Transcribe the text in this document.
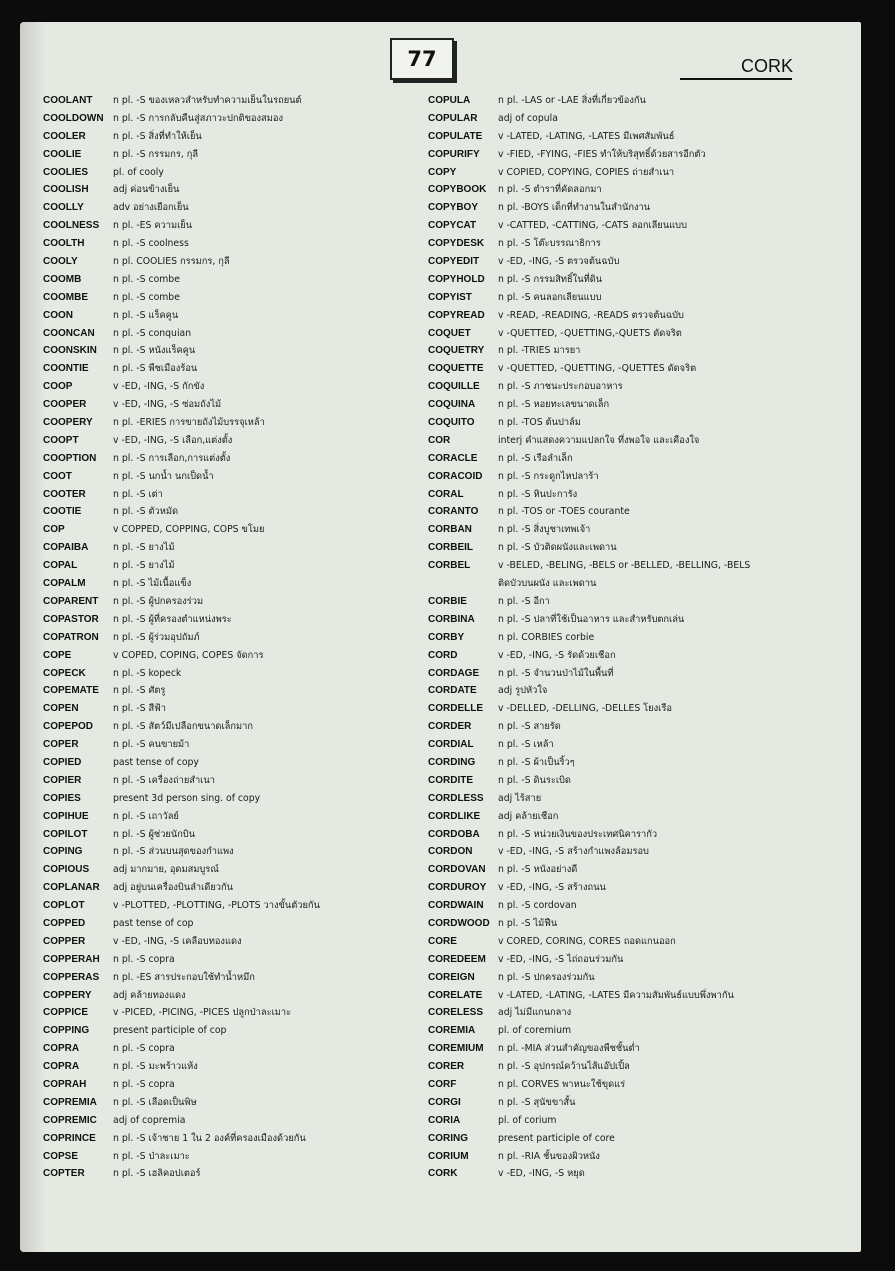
77	CORK
COOLANT n pl. -S ของเหลวสำหรับทำความเย็นในรถยนต์
COOLDOWN n pl. -S การกลับคืนสู่สภาวะปกติของสมอง
COOLER	n pl. -S สิ่งที่ทำให้เย็น
COOLIE	n pl. -S กรรมกร, กุลี
COOLIES	pl. of cooly
COOLISH	adj ค่อนข้างเย็น
COOLLY	adv อย่างเยือกเย็น
COOLNESS n pl. -ES ความเย็น
COOLTH	n pl. -S coolness
COOLY	n pl. COOLIES กรรมกร, กุลี
COOMB	n pl. -S combe
COOMBE	n pl. -S combe
COON	n pl. -S แร็คคูน
COONCAN n pl. -S conquian
COONSKIN n pl. -S หนังแร็คคูน
COONTIE	n pl. -S พืชเมืองร้อน
COOP	v -ED, -ING, -S กักขัง
COOPER	v -ED, -ING, -S ซ่อมถังไม้
COOPERY n pl. -ERIES การขายถังไม้บรรจุเหล้า
COOPT	v -ED, -ING, -S เลือก,แต่งตั้ง
COOPTION n pl. -S การเลือก,การแต่งตั้ง
COOT	n pl. -S นกน้ำ นกเป็ดน้ำ
COOTER	n pl. -S เต่า
COOTIE	n pl. -S ตัวหมัด
COP	v COPPED, COPPING, COPS ขโมย
COPAIBA	n pl. -S ยางไม้
COPAL	n pl. -S ยางไม้
COPALM	n pl. -S ไม้เนื้อแข็ง
COPARENT n pl. -S ผู้ปกครองร่วม
COPASTOR n pl. -S ผู้ที่ครองตำแหน่งพระ
COPATRON n pl. -S ผู้ร่วมอุปถัมภ์
COPE	v COPED, COPING, COPES จัดการ
COPECK	n pl. -S kopeck
COPEMATE n pl. -S ศัตรู
COPEN	n pl. -S สีฟ้า
COPEPOD n pl. -S สัตว์มีเปลือกขนาดเล็กมาก
COPER	n pl. -S คนขายม้า
COPIED	past tense of copy
COPIER	n pl. -S เครื่องถ่ายสำเนา
COPIES	present 3d person sing. of copy
COPIHUE	n pl. -S เถาวัลย์
COPILOT	n pl. -S ผู้ช่วยนักบิน
COPING	n pl. -S ส่วนบนสุดของกำแพง
COPIOUS	adj มากมาย, อุดมสมบูรณ์
COPLANAR adj อยู่บนเครื่องบินลำเดียวกัน
COPLOT	v -PLOTTED, -PLOTTING, -PLOTS วางขั้นตัวยกัน
COPPED	past tense of cop
COPPER	v -ED, -ING, -S เคลือบทองแดง
COPPERAH n pl. -S copra
COPPERAS n pl. -ES สารประกอบใช้ทำน้ำหมึก
COPPERY adj คล้ายทองแดง
COPPICE	v -PICED, -PICING, -PICES ปลูกป่าละเมาะ
COPPING	present participle of cop
COPRA	n pl. -S copra
COPRA	n pl. -S มะพร้าวแห้ง
COPRAH	n pl. -S copra
COPREMIA n pl. -S เลือดเป็นพิษ
COPREMIC adj of copremia
COPRINCE n pl. -S เจ้าชาย 1 ใน 2 องค์ที่ครองเมืองด้วยกัน
COPSE	n pl. -S ป่าละเมาะ
COPTER	n pl. -S เฮลิคอปเตอร์
COPULA	n pl. -LAS or -LAE สิ่งที่เกี่ยวข้องกัน
COPULAR adj of copula
COPULATE v -LATED, -LATING, -LATES มีเพศสัมพันธ์
COPURIFY v -FIED, -FYING, -FIES ทำให้บริสุทธิ์ด้วยสารอีกตัว
COPY	v COPIED, COPYING, COPIES ถ่ายสำเนา
COPYBOOK n pl. -S ตำราที่คัดลอกมา
COPYBOY n pl. -BOYS เด็กที่ทำงานในสำนักงาน
COPYCAT v -CATTED, -CATTING, -CATS ลอกเลียนแบบ
COPYDESK n pl. -S โต๊ะบรรณาธิการ
COPYEDIT v -ED, -ING, -S ตรวจต้นฉบับ
COPYHOLD n pl. -S กรรมสิทธิ์ในที่ดิน
COPYIST	n pl. -S คนลอกเลียนแบบ
COPYREAD v -READ, -READING, -READS ตรวจต้นฉบับ
COQUET	v -QUETTED, -QUETTING,-QUETS ดัดจริต
COQUETRY n pl. -TRIES มารยา
COQUETTE v -QUETTED, -QUETTING, -QUETTES ดัดจริต
COQUILLE n pl. -S ภาชนะประกอบอาหาร
COQUINA n pl. -S หอยทะเลขนาดเล็ก
COQUITO	n pl. -TOS ต้นปาล์ม
COR	interj คำแสดงความแปลกใจ ทึ่งพอใจ และเคืองใจ
CORACLE n pl. -S เรือลำเล็ก
CORACOID n pl. -S กระดูกไหปลาร้า
CORAL	n pl. -S หินปะการัง
CORANTO n pl. -TOS or -TOES courante
CORBAN	n pl. -S สิ่งบูชาเทพเจ้า
CORBEIL	n pl. -S บัวติดผนังและเพดาน
CORBEL	v -BELED, -BELING, -BELS or -BELLED, -BELLING, -BELS
ติดบัวบนผนัง และเพดาน
CORBIE	n pl. -S อีกา
CORBINA	n pl. -S ปลาที่ใช้เป็นอาหาร และสำหรับตกเล่น
CORBY	n pl. CORBIES corbie
CORD	v -ED, -ING, -S รัดด้วยเชือก
CORDAGE n pl. -S จำนวนป่าไม้ในพื้นที่
CORDATE adj รูปหัวใจ
CORDELLE v -DELLED, -DELLING, -DELLES โยงเรือ
CORDER	n pl. -S สายรัด
CORDIAL	n pl. -S เหล้า
CORDING n pl. -S ผ้าเป็นริ้วๆ
CORDITE	n pl. -S ดินระเบิด
CORDLESS adj ไร้สาย
CORDLIKE adj คล้ายเชือก
CORDOBA n pl. -S หน่วยเงินของประเทศนิคารากัว
CORDON	v -ED, -ING, -S สร้างกำแพงล้อมรอบ
CORDOVAN n pl. -S หนังอย่างดี
CORDUROY v -ED, -ING, -S สร้างถนน
CORDWAIN n pl. -S cordovan
CORDWOOD n pl. -S ไม้ฟืน
CORE	v CORED, CORING, CORES ถอดแกนออก
COREDEEM v -ED, -ING, -S ไถ่ถอนร่วมกัน
COREIGN	n pl. -S ปกครองร่วมกัน
CORELATE v -LATED, -LATING, -LATES มีความสัมพันธ์แบบพึ่งพากัน
CORELESS adj ไม่มีแกนกลาง
COREMIA pl. of coremium
COREMIUM n pl. -MIA ส่วนสำคัญของพืชชั้นต่ำ
CORER	n pl. -S อุปกรณ์คว้านไส้แอ๊ปเปิ้ล
CORF	n pl. CORVES พาหนะใช้ขุดแร่
CORGI	n pl. -S สุนัขขาสั้น
CORIA	pl. of corium
CORING	present participle of core
CORIUM	n pl. -RIA ชั้นของผิวหนัง
CORK	v -ED, -ING, -S หยุด
